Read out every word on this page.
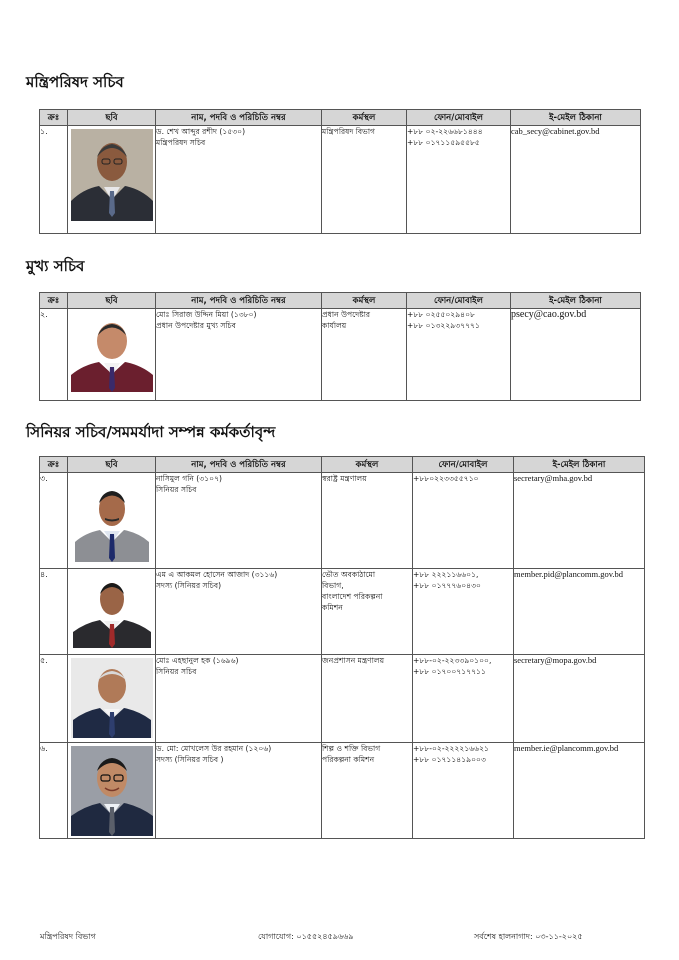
মন্ত্রিপরিষদ সচিব
ক্রঃ	ছবি	নাম, পদবি ও পরিচিতি নম্বর	কর্মস্থল	ফোন/মোবাইল	ই-মেইল ঠিকানা
১.		ড. শেখ আব্দুর রশীদ (১৫৩০)
মন্ত্রিপরিষদ সচিব	মন্ত্রিপরিষদ বিভাগ	+৮৮ ০২-২২৬৬৮১৪৪৪
+৮৮ ০১৭১১৫৯৫৫৮৫	cab_secy@cabinet.gov.bd
মুখ্য সচিব
ক্রঃ	ছবি	নাম, পদবি ও পরিচিতি নম্বর	কর্মস্থল	ফোন/মোবাইল	ই-মেইল ঠিকানা
২.		মোঃ সিরাজ উদ্দিন মিয়া (১৩৮০)
প্রধান উপদেষ্টার মুখ্য সচিব	প্রধান উপদেষ্টার
কার্যালয়	+৮৮ ০২৫৫০২৯৪০৮
+৮৮ ০১৩২২৯৩৭৭৭১	psecy@cao.gov.bd
সিনিয়র সচিব/সমমর্যাদা সম্পন্ন কর্মকর্তাবৃন্দ
ক্রঃ	ছবি	নাম, পদবি ও পরিচিতি নম্বর	কর্মস্থল	ফোন/মোবাইল	ই-মেইল ঠিকানা
৩.		নাসিমুল গনি (৩১০৭)
সিনিয়র সচিব	স্বরাষ্ট্র মন্ত্রণালয়	+৮৮০২২৩৩৫৫৭১০	secretary@mha.gov.bd
৪.		এম এ আকমল হোসেন আজাদ (৩১১৬)
সদস্য (সিনিয়র সচিব)	ভৌত অবকাঠামো
বিভাগ,
বাংলাদেশ পরিকল্পনা
কমিশন	+৮৮ ২২২১১৬৬০১,
+৮৮ ০১৭৭৭৬০৪৩০	member.pid@plancomm.gov.bd
৫.		মোঃ এহছানুল হক (১৬৯৬)
সিনিয়র সচিব	জনপ্রশাসন মন্ত্রণালয়	+৮৮-০২-২২৩৩৯০১০০,
+৮৮ ০১৭০০৭১৭৭১১	secretary@mopa.gov.bd
৬.		ড. মো: মোখলেস উর রহমান (১২০৬)
সদস্য (সিনিয়র সচিব )	শিল্প ও শক্তি বিভাগ
পরিকল্পনা কমিশন	+৮৮-০২-২২২২১৬৬২১
+৮৮ ০১৭১১৪১৯০০৩	member.ie@plancomm.gov.bd
মন্ত্রিপরিষদ বিভাগ	যোগাযোগ: ০১৫৫২৪৫৯৬৬৯	সর্বশেষ হালনাগাদ: ০৩-১১-২০২৫
